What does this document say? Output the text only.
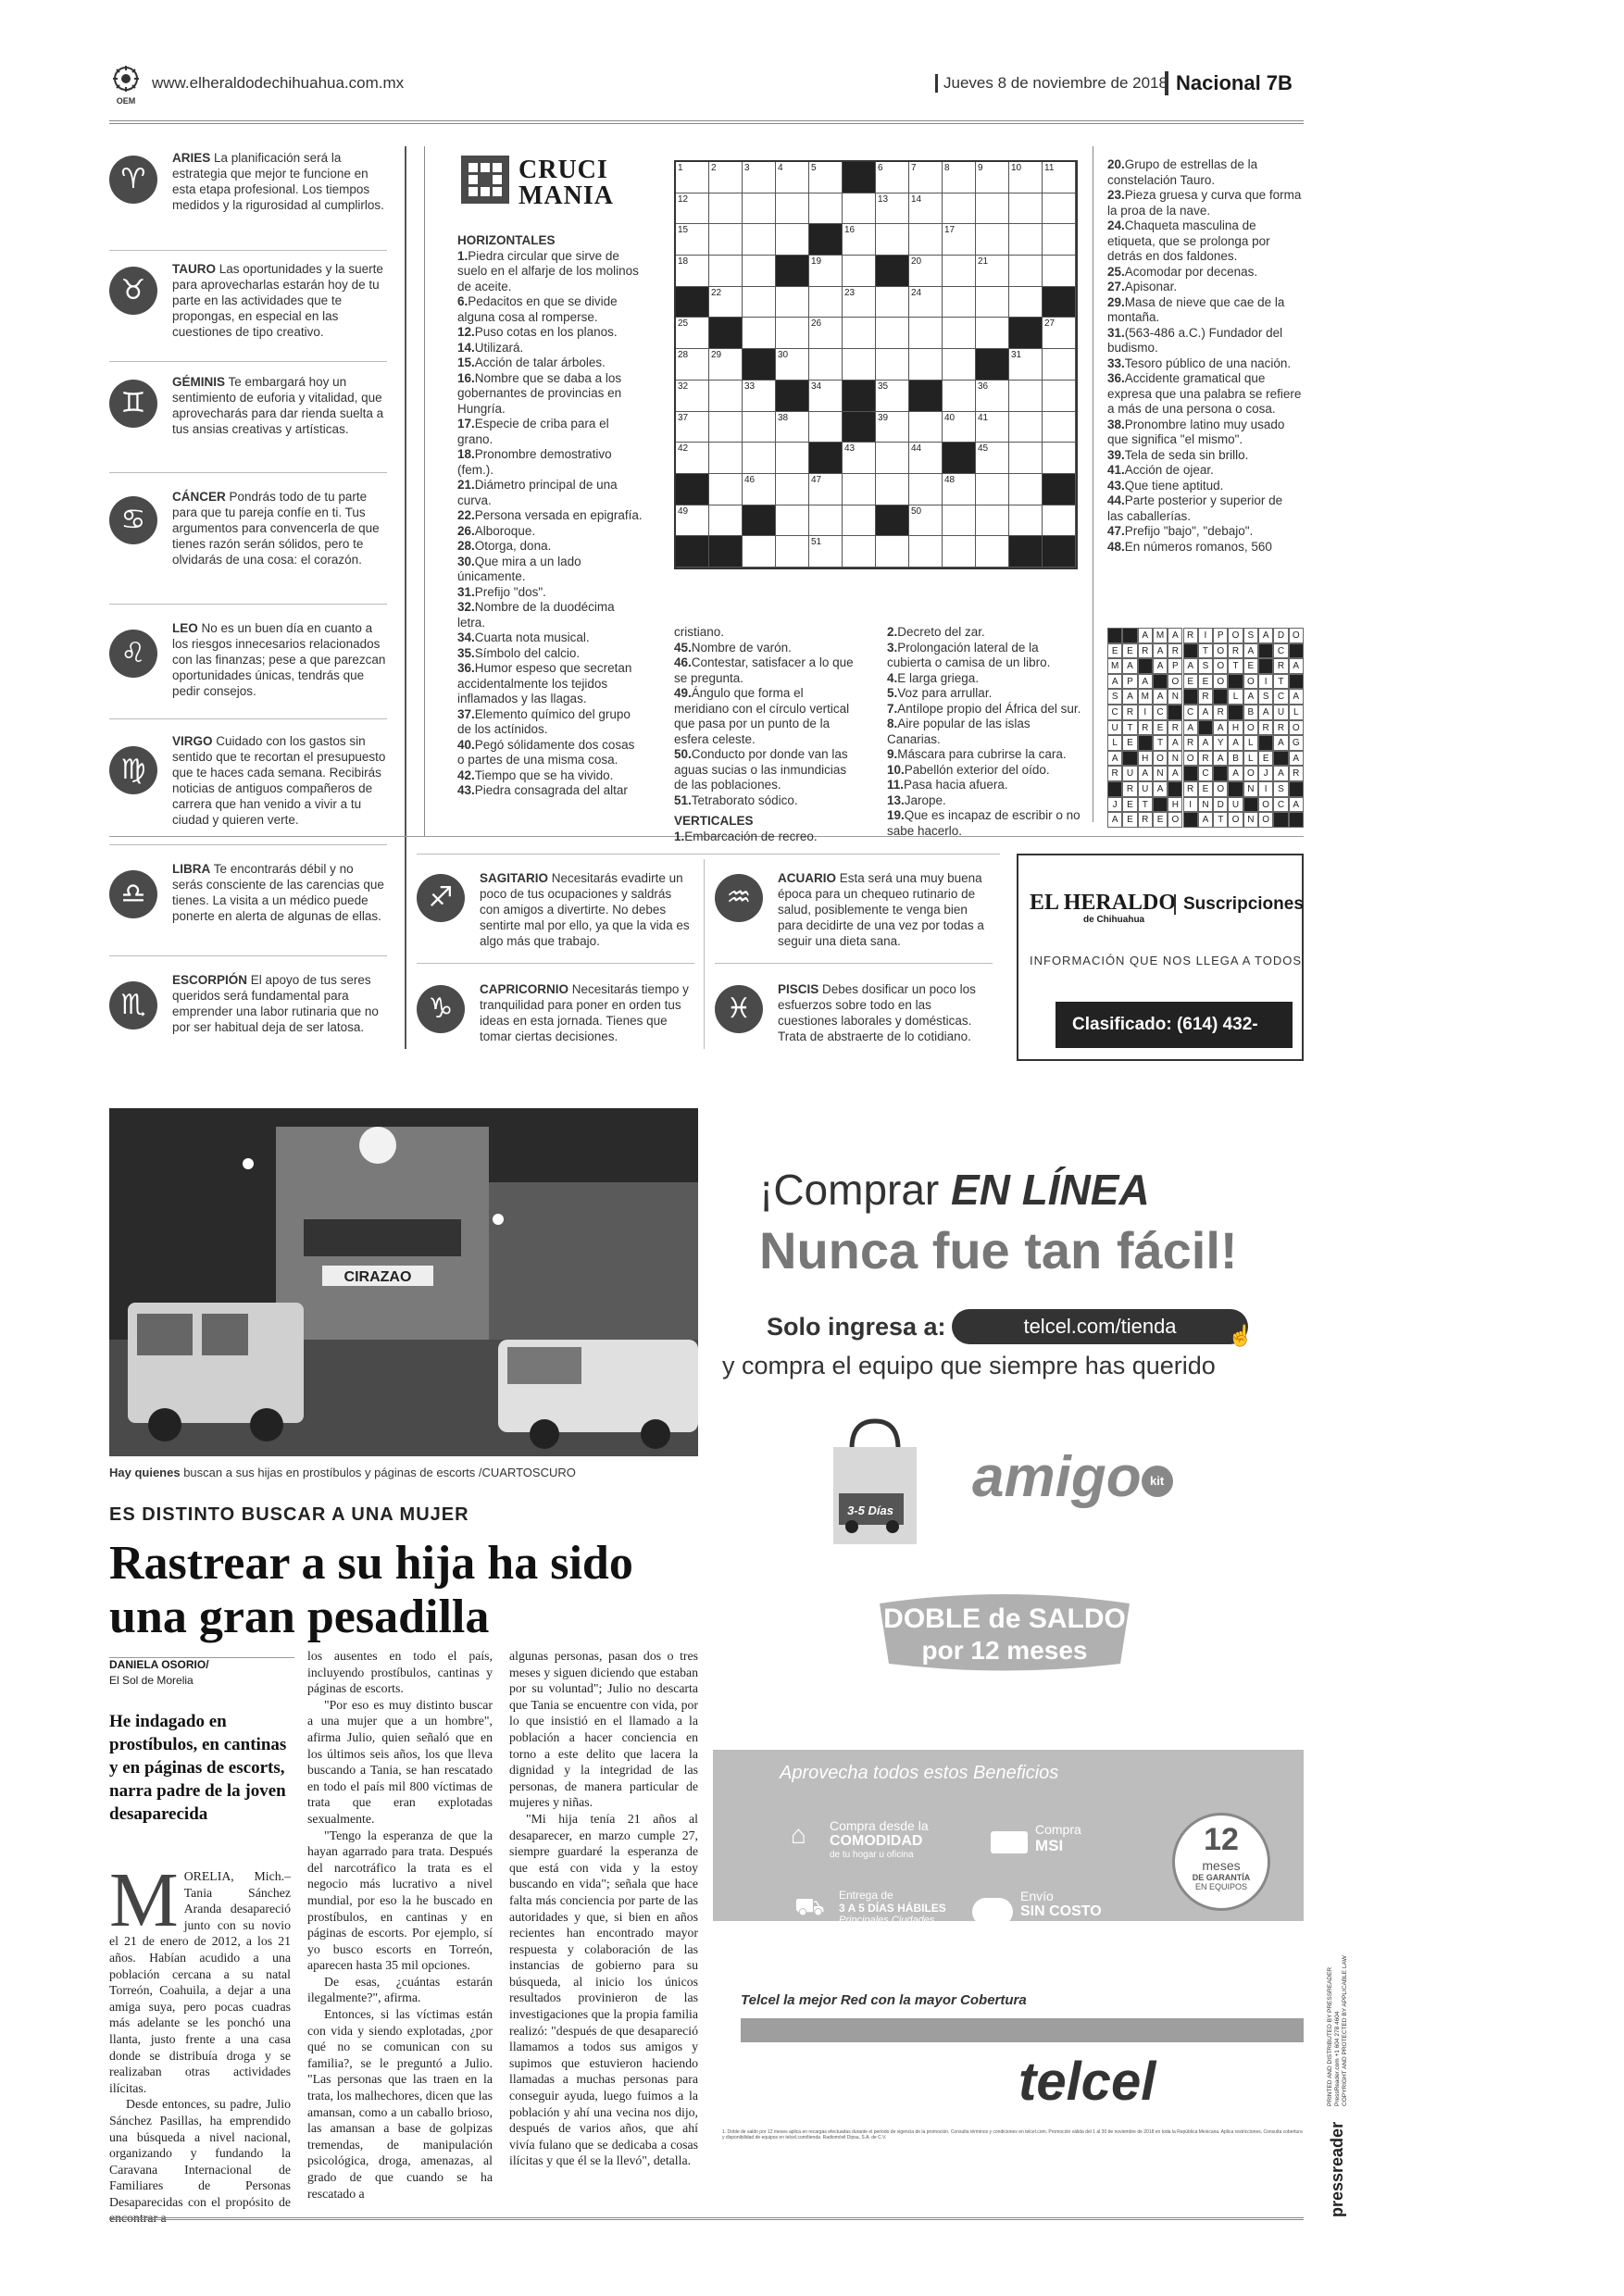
OEM
www.elheraldodechihuahua.com.mx	Jueves 8 de noviembre de 2018 Nacional 7B
♈
ARIES La planificación será la estrategia que mejor te funcione en esta etapa profesional. Los tiempos medidos y la rigurosidad al cumplirlos.
♉
TAURO Las oportunidades y la suerte para aprovecharlas estarán hoy de tu parte en las actividades que te propongas, en especial en las cuestiones de tipo creativo.
♊
GÉMINIS Te embargará hoy un sentimiento de euforia y vitalidad, que aprovecharás para dar rienda suelta a tus ansias creativas y artísticas.
♋
CÁNCER Pondrás todo de tu parte para que tu pareja confíe en ti. Tus argumentos para convencerla de que tienes razón serán sólidos, pero te olvidarás de una cosa: el corazón.
♌
LEO No es un buen día en cuanto a los riesgos innecesarios relacionados con las finanzas; pese a que parezcan oportunidades únicas, tendrás que pedir consejos.
♍
VIRGO Cuidado con los gastos sin sentido que te recortan el presupuesto que te haces cada semana. Recibirás noticias de antiguos compañeros de carrera que han venido a vivir a tu ciudad y quieren verte.
♎
LIBRA Te encontrarás débil y no serás consciente de las carencias que tienes. La visita a un médico puede ponerte en alerta de algunas de ellas.
♏
ESCORPIÓN El apoyo de tus seres queridos será fundamental para emprender una labor rutinaria que no por ser habitual deja de ser latosa.
♐
SAGITARIO Necesitarás evadirte un poco de tus ocupaciones y saldrás con amigos a divertirte. No debes sentirte mal por ello, ya que la vida es algo más que trabajo.
♑
CAPRICORNIO Necesitarás tiempo y tranquilidad para poner en orden tus ideas en esta jornada. Tienes que tomar ciertas decisiones.
♒
ACUARIO Esta será una muy buena época para un chequeo rutinario de salud, posiblemente te venga bien para decidirte de una vez por todas a seguir una dieta sana.
♓
PISCIS Debes dosificar un poco los esfuerzos sobre todo en las cuestiones laborales y domésticas. Trata de abstraerte de lo cotidiano.
CRUCI
MANIA
HORIZONTALES
1.Piedra circular que sirve de suelo en el alfarje de los molinos de aceite.
6.Pedacitos en que se divide alguna cosa al romperse.
12.Puso cotas en los planos.
14.Utilizará.
15.Acción de talar árboles.
16.Nombre que se daba a los gobernantes de provincias en Hungría.
17.Especie de criba para el grano.
18.Pronombre demostrativo (fem.).
21.Diámetro principal de una curva.
22.Persona versada en epigrafía.
26.Alboroque.
28.Otorga, dona.
30.Que mira a un lado únicamente.
31.Prefijo "dos".
32.Nombre de la duodécima letra.
34.Cuarta nota musical.
35.Símbolo del calcio.
36.Humor espeso que secretan accidentalmente los tejidos inflamados y las llagas.
37.Elemento químico del grupo de los actínidos.
40.Pegó sólidamente dos cosas o partes de una misma cosa.
42.Tiempo que se ha vivido.
43.Piedra consagrada del altar
cristiano.
45.Nombre de varón.
46.Contestar, satisfacer a lo que se pregunta.
49.Ángulo que forma el meridiano con el círculo vertical que pasa por un punto de la esfera celeste.
50.Conducto por donde van las aguas sucias o las inmundicias de las poblaciones.
51.Tetraborato sódico.
VERTICALES
1.Embarcación de recreo.
2.Decreto del zar.
3.Prolongación lateral de la cubierta o camisa de un libro.
4.E larga griega.
5.Voz para arrullar.
7.Antílope propio del África del sur.
8.Aire popular de las islas Canarias.
9.Máscara para cubrirse la cara.
10.Pabellón exterior del oído.
11.Pasa hacia afuera.
13.Jarope.
19.Que es incapaz de escribir o no sabe hacerlo.
20.Grupo de estrellas de la constelación Tauro.
23.Pieza gruesa y curva que forma la proa de la nave.
24.Chaqueta masculina de etiqueta, que se prolonga por detrás en dos faldones.
25.Acomodar por decenas.
27.Apisonar.
29.Masa de nieve que cae de la montaña.
31.(563-486 a.C.) Fundador del budismo.
33.Tesoro público de una nación.
36.Accidente gramatical que expresa que una palabra se refiere a más de una persona o cosa.
38.Pronombre latino muy usado que significa "el mismo".
39.Tela de seda sin brillo.
41.Acción de ojear.
43.Que tiene aptitud.
44.Parte posterior y superior de las caballerías.
47.Prefijo "bajo", "debajo".
48.En números romanos, 560
1	2	3	4	5	6	7	8	9	10	11
12	13	14
15	16	17
18	19	20	21
22	23	24
25	26	27
28	29	30	31
32	33	34	35	36
37	38	39	40	41
42	43	44	45
46	47	48
49	50
51
A M A R	I	P O S A D O
E E R A R	T O R A	C
M A	A P A S O T E	R A
A P A	O E E O	O	I	T
S A M A N	R	L	A S C A
C R	I	C	C A R	B A U L
U T R E R A	A H O R R O
L	E	T A R A Y A	L	A G
A	H O N O R A B	L	E	A
R U A N A	C	A O J	A R
R U A	R E O	N	I	S
J	E T	H	I	N D U	O C A
A E R E O	A T O N O
EL HERALDO
de Chihuahua
Suscripciones
INFORMACIÓN QUE NOS LLEGA A TODOS
Clasificado: (614) 432-3827
CIRAZAO
Hay quienes buscan a sus hijas en prostíbulos y páginas de escorts /CUARTOSCURO
ES DISTINTO BUSCAR A UNA MUJER
Rastrear a su hija ha sido una gran pesadilla
DANIELA OSORIO/
El Sol de Morelia
He indagado en prostíbulos, en cantinas y en páginas de escorts, narra padre de la joven desaparecida

MORELIA, Mich.–Tania Sánchez Aranda desapareció junto con su novio el 21 de enero de 2012, a los 21 años. Habían acudido a una población cercana a su natal Torreón, Coahuila, a dejar a una amiga suya, pero pocas cuadras más adelante se les ponchó una llanta, justo frente a una casa donde se distribuía droga y se realizaban otras actividades ilícitas.

Desde entonces, su padre, Julio Sánchez Pasillas, ha emprendido una búsqueda a nivel nacional, organizando y fundando la Caravana Internacional de Familiares de Personas Desaparecidas con el propósito de encontrar a

los ausentes en todo el país, incluyendo prostíbulos, cantinas y páginas de escorts.

"Por eso es muy distinto buscar a una mujer que a un hombre", afirma Julio, quien señaló que en los últimos seis años, los que lleva buscando a Tania, se han rescatado en todo el país mil 800 víctimas de trata que eran explotadas sexualmente.

"Tengo la esperanza de que la hayan agarrado para trata. Después del narcotráfico la trata es el negocio más lucrativo a nivel mundial, por eso la he buscado en prostíbulos, en cantinas y en páginas de escorts. Por ejemplo, sí yo busco escorts en Torreón, aparecen hasta 35 mil opciones.

De esas, ¿cuántas estarán ilegalmente?", afirma.

Entonces, si las víctimas están con vida y siendo explotadas, ¿por qué no se comunican con su familia?, se le preguntó a Julio. "Las personas que las traen en la trata, los malhechores, dicen que las amansan, como a un caballo brioso, las amansan a base de golpizas tremendas, de manipulación psicológica, droga, amenazas, al grado de que cuando se ha rescatado a

algunas personas, pasan dos o tres meses y siguen diciendo que estaban por su voluntad"; Julio no descarta que Tania se encuentre con vida, por lo que insistió en el llamado a la población a hacer conciencia en torno a este delito que lacera la dignidad y la integridad de las personas, de manera particular de mujeres y niñas.

"Mi hija tenía 21 años al desaparecer, en marzo cumple 27, siempre guardaré la esperanza de que está con vida y la estoy buscando en vida"; señala que hace falta más conciencia por parte de las autoridades y que, si bien en años recientes han encontrado mayor respuesta y colaboración de las instancias de gobierno para su búsqueda, al inicio los únicos resultados provinieron de las investigaciones que la propia familia realizó: "después de que desapareció llamamos a todos sus amigos y supimos que estuvieron haciendo llamadas a muchas personas para conseguir ayuda, luego fuimos a la población y ahí una vecina nos dijo, después de varios años, que ahí vivía fulano que se dedicaba a cosas ilícitas y que él se la llevó", detalla.

¡Comprar EN LÍNEA
Nunca fue tan fácil!
Solo ingresa a:	telcel.com/tienda	☝
y compra el equipo que siempre has querido
3-5 Días
amigo kit
DOBLE de SALDO
por 12 meses
Aprovecha todos estos Beneficios
⌂ Compra desde la
COMODIDAD
de tu hogar u oficina
Compra
MSI
⛟ Entrega de
3 A 5 DÍAS HÁBILES
Principales Ciudades
Envío
SIN COSTO
12
meses
DE GARANTÍA
EN EQUIPOS
Telcel la mejor Red con la mayor Cobertura
telcel
1. Doble de saldo por 12 meses aplica en recargas efectuadas durante el periodo de vigencia de la promoción. Consulta términos y condiciones en telcel.com. Promoción válida del 1 al 30 de noviembre de 2018 en toda la República Mexicana. Aplica restricciones. Consulta cobertura y disponibilidad de equipos en telcel.com/tienda. Radiomóvil Dipsa, S.A. de C.V.	pressreader
PRINTED AND DISTRIBUTED BY PRESSREADER PressReader.com +1 604 278 4604 COPYRIGHT AND PROTECTED BY APPLICABLE LAW
